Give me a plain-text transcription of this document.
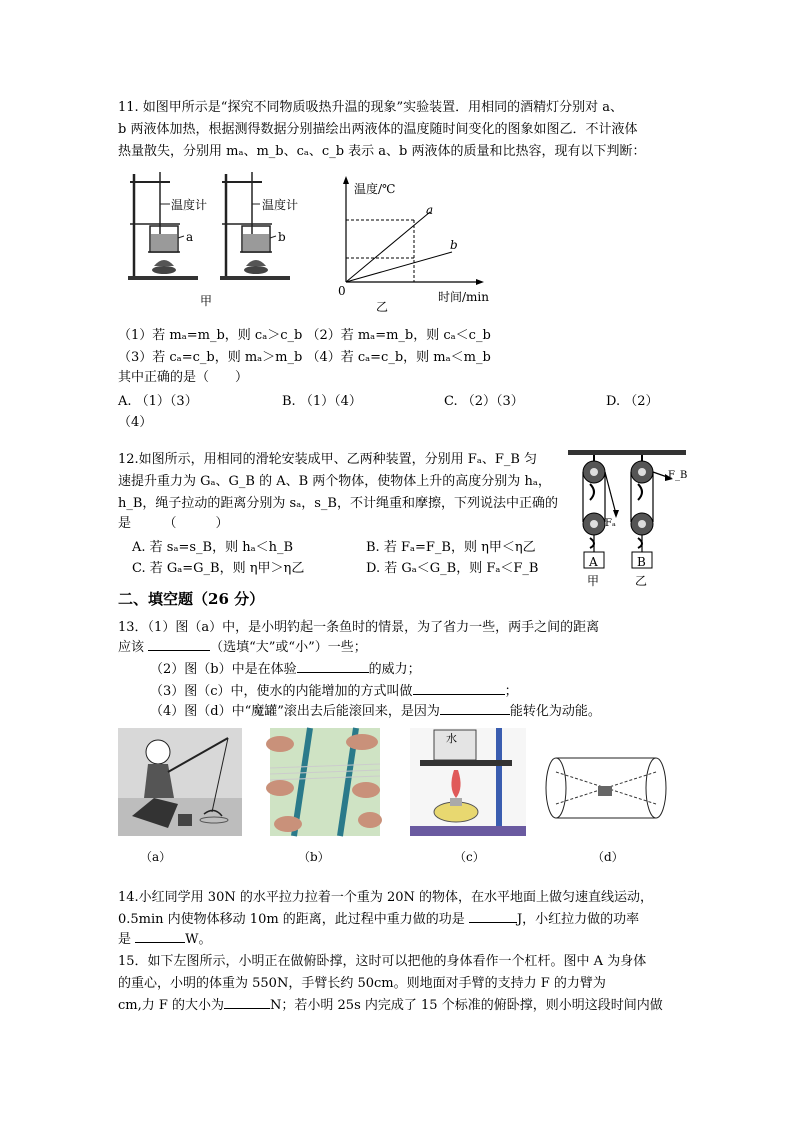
11. 如图甲所示是“探究不同物质吸热升温的现象”实验装置．用相同的酒精灯分别对 a、
b 两液体加热，根据测得数据分别描绘出两液体的温度随时间变化的图象如图乙．不计液体
热量散失，分别用 mₐ、m_b、cₐ、c_b 表示 a、b 两液体的质量和比热容，现有以下判断：
温度计	温度计
a	b
甲
温度/℃
0	时间/min
a
b
乙
（1）若 mₐ=m_b，则 cₐ＞c_b （2）若 mₐ=m_b，则 cₐ＜c_b
（3）若 cₐ=c_b，则 mₐ＞m_b （4）若 cₐ=c_b，则 mₐ＜m_b
其中正确的是（　　）
A. （1）（3）	B. （1）（4）	C. （2）（3）	D. （2）
（4）
12.如图所示，用相同的滑轮安装成甲、乙两种装置，分别用 Fₐ、F_B 匀
速提升重力为 Gₐ、G_B 的 A、B 两个物体，使物体上升的高度分别为 hₐ，
h_B，绳子拉动的距离分别为 sₐ，s_B，不计绳重和摩擦，下列说法中正确的
是　　　（　　　）
A. 若 sₐ=s_B，则 hₐ＜h_B	B. 若 Fₐ=F_B，则 η甲＜η乙
C. 若 Gₐ=G_B，则 η甲＞η乙	D. 若 Gₐ＜G_B，则 Fₐ＜F_B
Fₐ
F_B
A	B
甲	乙
二、填空题（26 分）
13．（1）图（a）中，是小明钓起一条鱼时的情景，为了省力一些，两手之间的距离
应该	（选填“大”或“小”）一些；
（2）图（b）中是在体验	的威力；
（3）图（c）中，使水的内能增加的方式叫做	；
（4）图（d）中“魔罐”滚出去后能滚回来，是因为	能转化为动能。
水
（a）	（b）	（c）	（d）
14.小红同学用 30N 的水平拉力拉着一个重为 20N 的物体，在水平地面上做匀速直线运动，
0.5min 内使物体移动 10m 的距离，此过程中重力做的功是	J，小红拉力做的功率
是	W。
15．如下左图所示，小明正在做俯卧撑，这时可以把他的身体看作一个杠杆。图中 A 为身体
的重心，小明的体重为 550N，手臂长约 50cm。则地面对手臂的支持力 F 的力臂为
cm,力 F 的大小为	N；若小明 25s 内完成了 15 个标准的俯卧撑，则小明这段时间内做
